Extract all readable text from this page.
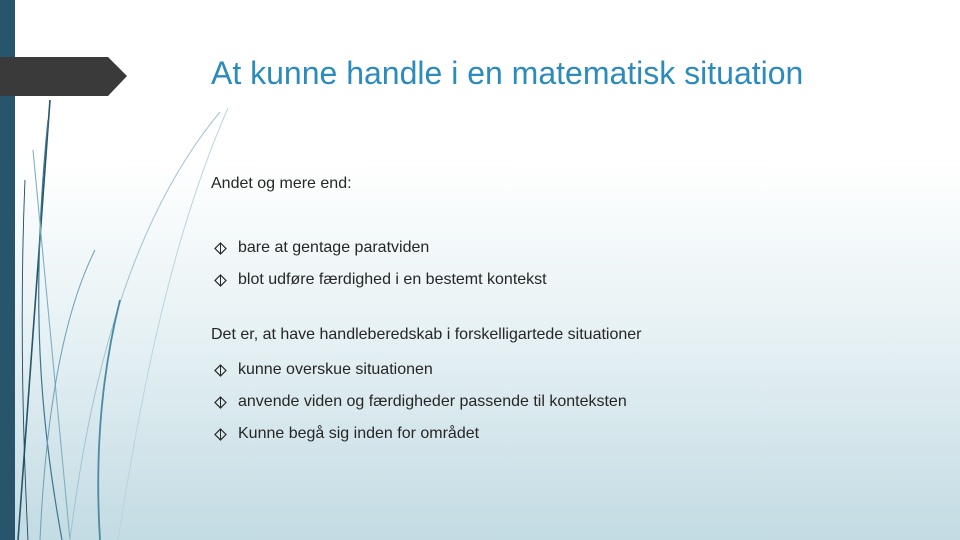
At kunne handle i en matematisk situation

Andet og mere end:

bare at gentage paratviden
blot udføre færdighed i en bestemt kontekst

Det er, at have handleberedskab i forskelligartede situationer

kunne overskue situationen
anvende viden og færdigheder passende til konteksten
Kunne begå sig inden for området
